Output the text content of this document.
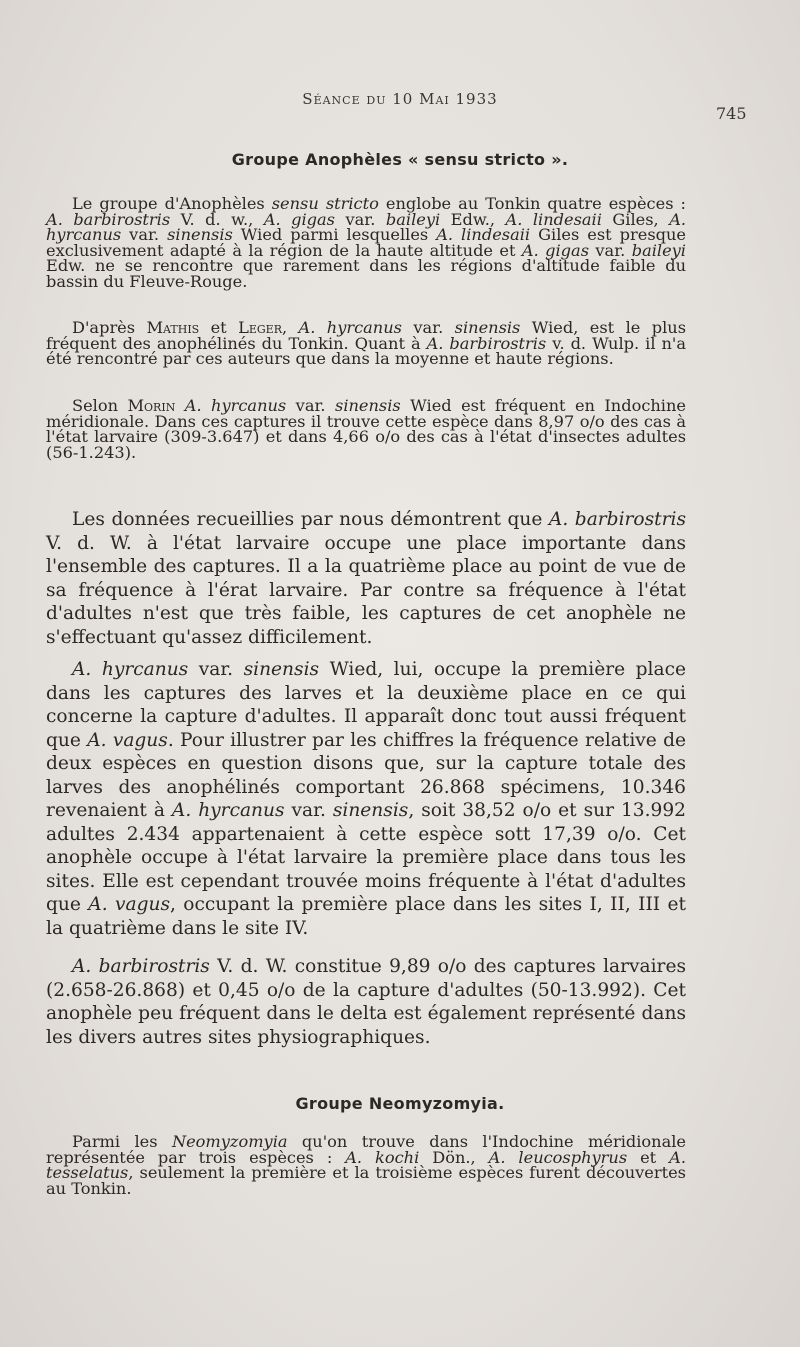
Séance du 10 Mai 1933
745
Groupe Anophèles « sensu stricto ».

Le groupe d'Anophèles sensu stricto englobe au Tonkin quatre espèces : A. barbirostris V. d. w., A. gigas var. baileyi Edw., A. lindesaii Giles, A. hyrcanus var. sinensis Wied parmi lesquelles A. lindesaii Giles est presque exclusivement adapté à la région de la haute altitude et A. gigas var. baileyi Edw. ne se rencontre que rarement dans les régions d'altitude faible du bassin du Fleuve-Rouge.

D'après Mathis et Leger, A. hyrcanus var. sinensis Wied, est le plus fréquent des anophélinés du Tonkin. Quant à A. barbirostris v. d. Wulp. il n'a été rencontré par ces auteurs que dans la moyenne et haute régions.

Selon Morin A. hyrcanus var. sinensis Wied est fréquent en Indochine méridionale. Dans ces captures il trouve cette espèce dans 8,97 o/o des cas à l'état larvaire (309-3.647) et dans 4,66 o/o des cas à l'état d'insectes adultes (56-1.243).

Les données recueillies par nous démontrent que A. barbirostris V. d. W. à l'état larvaire occupe une place importante dans l'ensemble des captures. Il a la quatrième place au point de vue de sa fréquence à l'érat larvaire. Par contre sa fréquence à l'état d'adultes n'est que très faible, les captures de cet anophèle ne s'effectuant qu'assez difficilement.

A. hyrcanus var. sinensis Wied, lui, occupe la première place dans les captures des larves et la deuxième place en ce qui concerne la capture d'adultes. Il apparaît donc tout aussi fréquent que A. vagus. Pour illustrer par les chiffres la fréquence relative de deux espèces en question disons que, sur la capture totale des larves des anophélinés comportant 26.868 spécimens, 10.346 revenaient à A. hyrcanus var. sinensis, soit 38,52 o/o et sur 13.992 adultes 2.434 appartenaient à cette espèce sott 17,39 o/o. Cet anophèle occupe à l'état larvaire la première place dans tous les sites. Elle est cependant trouvée moins fréquente à l'état d'adultes que A. vagus, occupant la première place dans les sites I, II, III et la quatrième dans le site IV.

A. barbirostris V. d. W. constitue 9,89 o/o des captures larvaires (2.658-26.868) et 0,45 o/o de la capture d'adultes (50-13.992). Cet anophèle peu fréquent dans le delta est également représenté dans les divers autres sites physiographiques.

Groupe Neomyzomyia.

Parmi les Neomyzomyia qu'on trouve dans l'Indochine méridionale représentée par trois espèces : A. kochi Dön., A. leucosphyrus et A. tesselatus, seulement la première et la troisième espèces furent découvertes au Tonkin.
